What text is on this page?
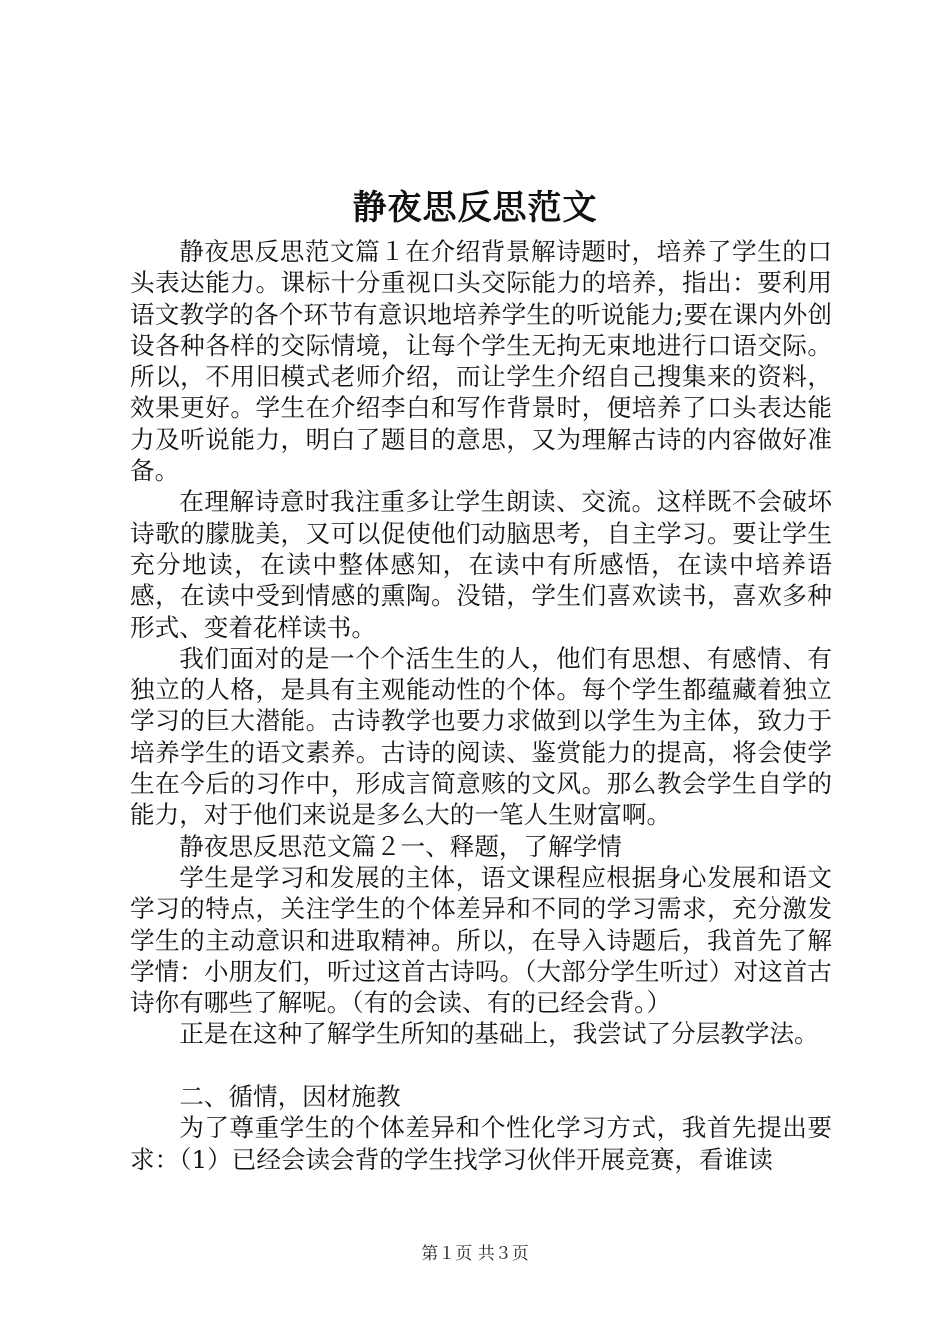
静夜思反思范文

静夜思反思范文篇１在介绍背景解诗题时，培养了学生的口头表达能力。课标十分重视口头交际能力的培养，指出：要利用语文教学的各个环节有意识地培养学生的听说能力;要在课内外创设各种各样的交际情境，让每个学生无拘无束地进行口语交际。所以，不用旧模式老师介绍，而让学生介绍自己搜集来的资料，效果更好。学生在介绍李白和写作背景时，便培养了口头表达能力及听说能力，明白了题目的意思，又为理解古诗的内容做好准备。

在理解诗意时我注重多让学生朗读、交流。这样既不会破坏诗歌的朦胧美，又可以促使他们动脑思考，自主学习。要让学生充分地读，在读中整体感知，在读中有所感悟，在读中培养语感，在读中受到情感的熏陶。没错，学生们喜欢读书，喜欢多种形式、变着花样读书。

我们面对的是一个个活生生的人，他们有思想、有感情、有独立的人格，是具有主观能动性的个体。每个学生都蕴藏着独立学习的巨大潜能。古诗教学也要力求做到以学生为主体，致力于培养学生的语文素养。古诗的阅读、鉴赏能力的提高，将会使学生在今后的习作中，形成言简意赅的文风。那么教会学生自学的能力，对于他们来说是多么大的一笔人生财富啊。

静夜思反思范文篇２一、释题，了解学情

学生是学习和发展的主体，语文课程应根据身心发展和语文学习的特点，关注学生的个体差异和不同的学习需求，充分激发学生的主动意识和进取精神。所以，在导入诗题后，我首先了解学情：小朋友们，听过这首古诗吗。（大部分学生听过）对这首古诗你有哪些了解呢。（有的会读、有的已经会背。）

正是在这种了解学生所知的基础上，我尝试了分层教学法。

二、循情，因材施教

为了尊重学生的个体差异和个性化学习方式，我首先提出要求：（1）已经会读会背的学生找学习伙伴开展竞赛，看谁读

第１页 共３页
